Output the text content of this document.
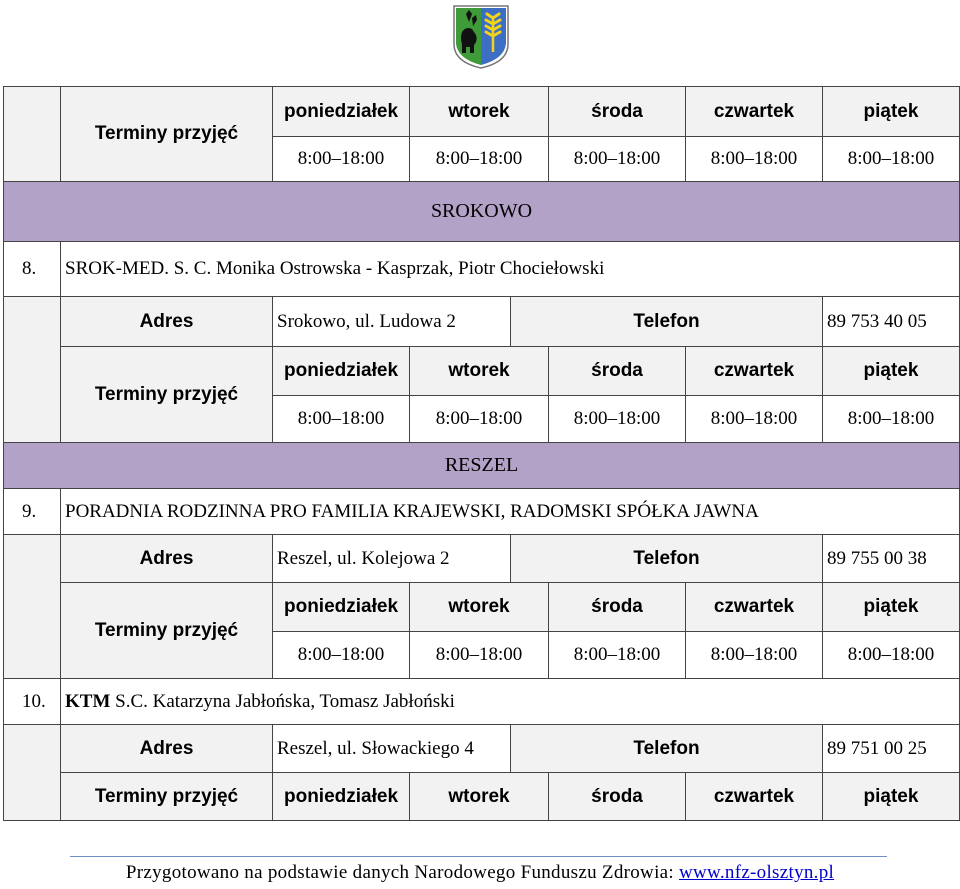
	Terminy przyjęć	poniedziałek	wtorek		środa	czwartek	piątek
		8:00–18:00	8:00–18:00		8:00–18:00	8:00–18:00	8:00–18:00
SROKOWO							
8.	SROK-MED. S. C. Monika Ostrowska - Kasprzak, Piotr Chociełowski						
	Adres	Srokowo, ul. Ludowa 2		Telefon			89 753 40 05
	Terminy przyjęć	poniedziałek	wtorek		środa	czwartek	piątek
		8:00–18:00	8:00–18:00		8:00–18:00	8:00–18:00	8:00–18:00
RESZEL							
9.	PORADNIA RODZINNA PRO FAMILIA KRAJEWSKI, RADOMSKI SPÓŁKA JAWNA						
	Adres	Reszel, ul. Kolejowa 2		Telefon			89 755 00 38
	Terminy przyjęć	poniedziałek	wtorek		środa	czwartek	piątek
		8:00–18:00	8:00–18:00		8:00–18:00	8:00–18:00	8:00–18:00
10.	KTM S.C. Katarzyna Jabłońska, Tomasz Jabłoński						
	Adres	Reszel, ul. Słowackiego 4		Telefon			89 751 00 25
	Terminy przyjęć	poniedziałek	wtorek		środa	czwartek	piątek
Przygotowano na podstawie danych Narodowego Funduszu Zdrowia: www.nfz-olsztyn.pl
